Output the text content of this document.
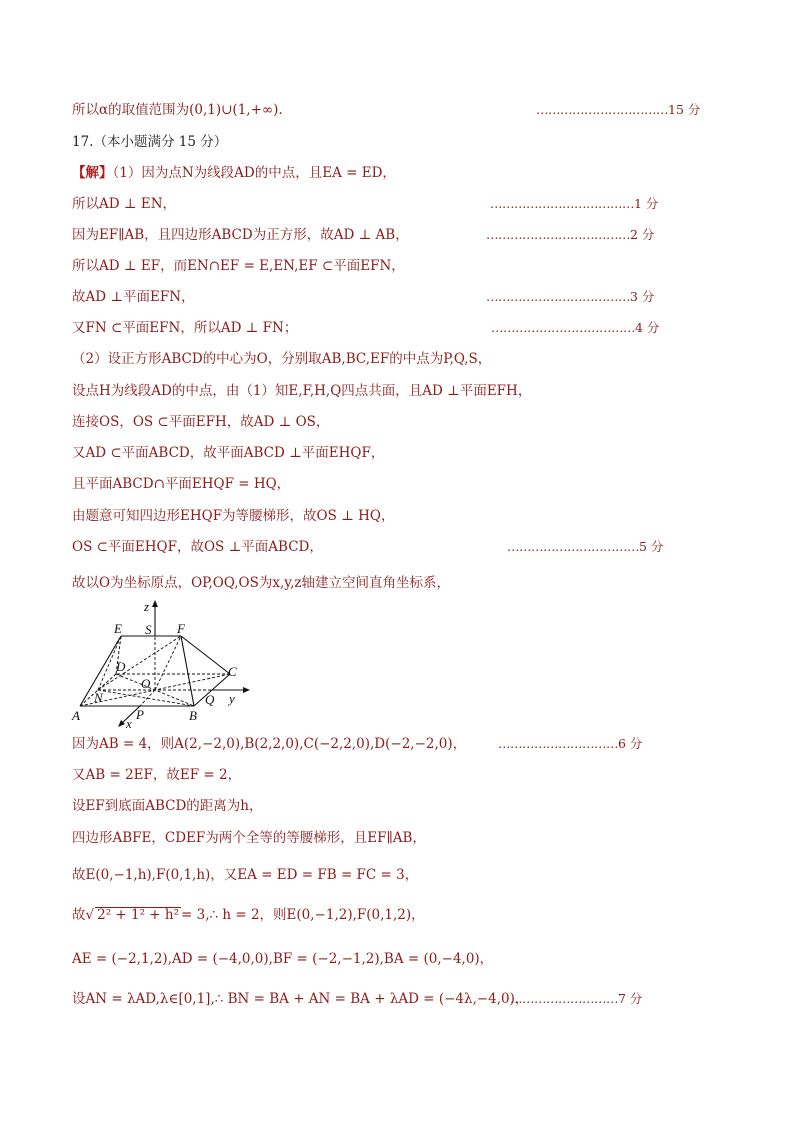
所以α的取值范围为(0,1)∪(1,+∞).	……………………………15 分
17.（本小题满分 15 分）
【解】（1）因为点N为线段AD的中点，且EA = ED，
所以AD ⊥ EN，	………………………………1 分
因为EF∥AB，且四边形ABCD为正方形，故AD ⊥ AB，	………………………………2 分
所以AD ⊥ EF，而EN∩EF = E,EN,EF ⊂平面EFN，
故AD ⊥平面EFN，	………………………………3 分
又FN ⊂平面EFN，所以AD ⊥ FN；	………………………………4 分
（2）设正方形ABCD的中心为O，分别取AB,BC,EF的中点为P,Q,S，
设点H为线段AD的中点，由（1）知E,F,H,Q四点共面，且AD ⊥平面EFH，
连接OS，OS ⊂平面EFH，故AD ⊥ OS，
又AD ⊂平面ABCD，故平面ABCD ⊥平面EHQF，
且平面ABCD∩平面EHQF = HQ，
由题意可知四边形EHQF为等腰梯形，故OS ⊥ HQ，
OS ⊂平面EHQF，故OS ⊥平面ABCD，	……………………………5 分
故以O为坐标原点，OP,OQ,OS为x,y,z轴建立空间直角坐标系，
E S F
z
D	C
O
N	Q y
A	P	B
x
因为AB = 4，则A(2,−2,0),B(2,2,0),C(−2,2,0),D(−2,−2,0)，	…………………………6 分
又AB = 2EF，故EF = 2，
设EF到底面ABCD的距离为h，
四边形ABFE，CDEF为两个全等的等腰梯形，且EF∥AB，
故E(0,−1,h),F(0,1,h)，又EA = ED = FB = FC = 3，
故√ 2² + 1² + h² = 3,∴ h = 2，则E(0,−1,2),F(0,1,2)，
AE = (−2,1,2),AD = (−4,0,0),BF = (−2,−1,2),BA = (0,−4,0)，
设AN = λAD,λ∈[0,1],∴ BN = BA + AN = BA + λAD = (−4λ,−4,0)，
………………………7 分
